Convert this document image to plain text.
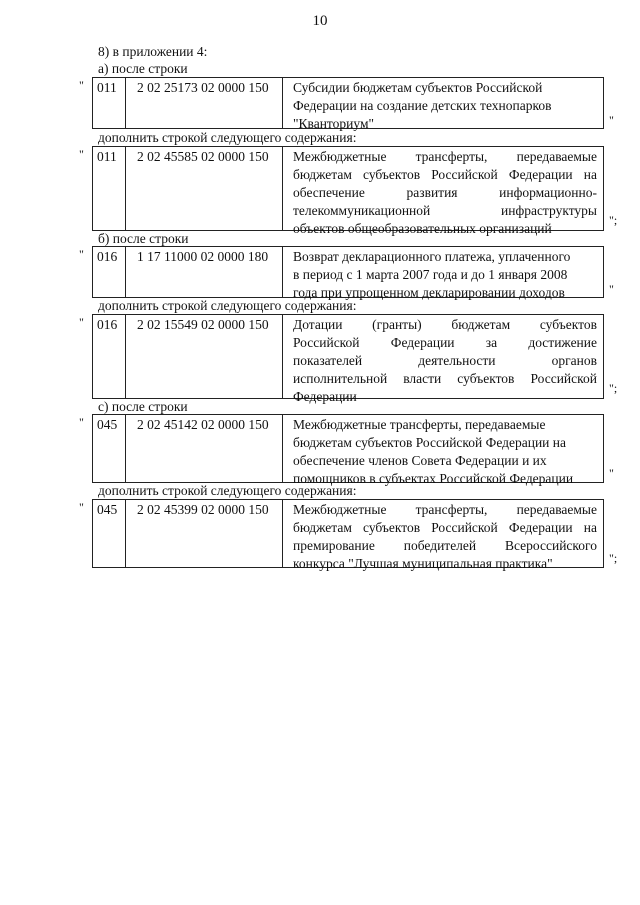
10
8) в приложении 4:
а) после строки
" 011	2 02 25173 02 0000 150	Субсидии бюджетам субъектов Российской
Федерации на создание детских технопарков
"Кванториум"	"
дополнить строкой следующего содержания:
" 011	2 02 45585 02 0000 150	Межбюджетные трансферты, передаваемые
бюджетам субъектов Российской Федерации на
обеспечение развития информационно-
телекоммуникационной инфраструктуры
объектов общеобразовательных организаций
";
б) после строки
" 016	1 17 11000 02 0000 180	Возврат декларационного платежа, уплаченного
в период с 1 марта 2007 года и до 1 января 2008
года при упрощенном декларировании доходов	"
дополнить строкой следующего содержания:
" 016	2 02 15549 02 0000 150	Дотации (гранты) бюджетам субъектов
Российской Федерации за достижение
показателей деятельности органов
исполнительной власти субъектов Российской
Федерации
";
с) после строки
" 045	2 02 45142 02 0000 150	Межбюджетные трансферты, передаваемые
бюджетам субъектов Российской Федерации на
обеспечение членов Совета Федерации и их
помощников в субъектах Российской Федерации	"
дополнить строкой следующего содержания:
" 045	2 02 45399 02 0000 150	Межбюджетные трансферты, передаваемые
бюджетам субъектов Российской Федерации на
премирование победителей Всероссийского
конкурса "Лучшая муниципальная практика"	";
